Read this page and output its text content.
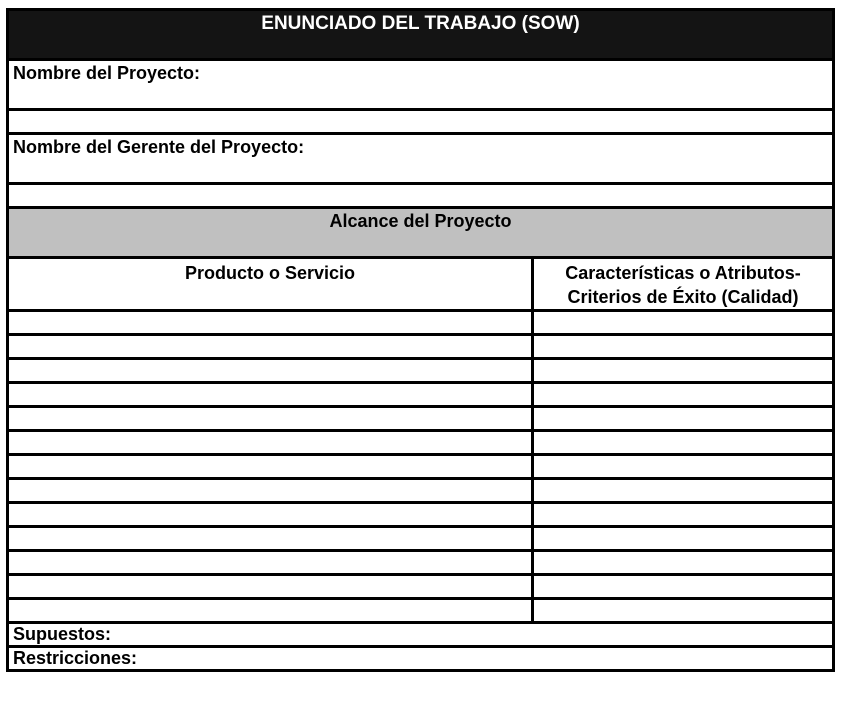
ENUNCIADO DEL TRABAJO (SOW)	
Nombre del Proyecto:	

Nombre del Gerente del Proyecto:	

Alcance del Proyecto	
Producto o Servicio	Características o Atributos-
Criterios de Éxito (Calidad)

Supuestos:	
Restricciones:	
